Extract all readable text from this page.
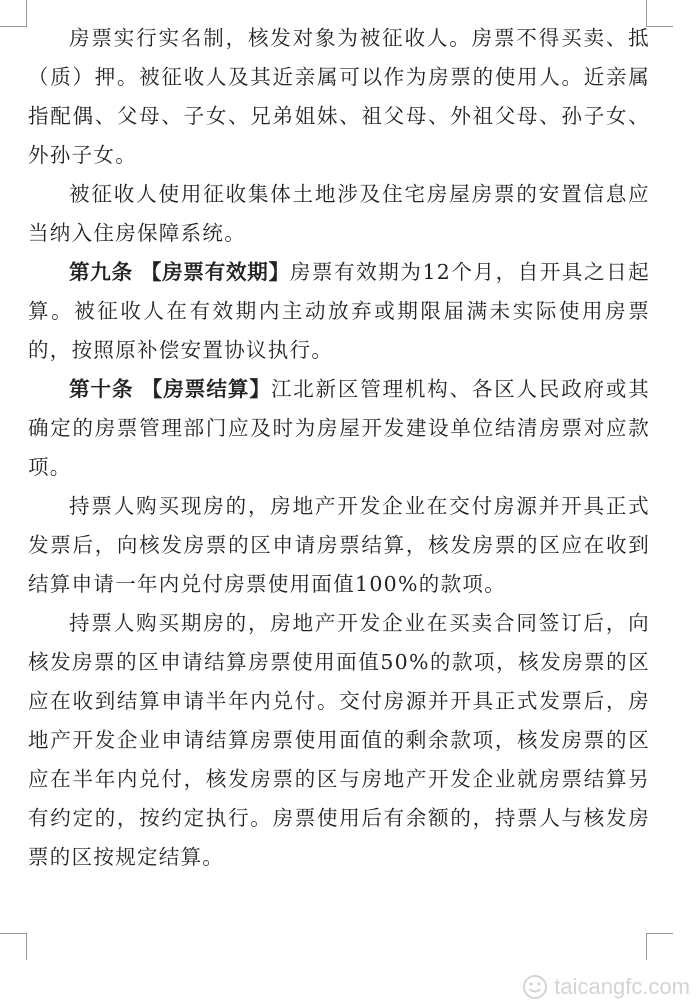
房票实行实名制，核发对象为被征收人。房票不得买卖、抵（质）押。被征收人及其近亲属可以作为房票的使用人。近亲属指配偶、父母、子女、兄弟姐妹、祖父母、外祖父母、孙子女、外孙子女。

被征收人使用征收集体土地涉及住宅房屋房票的安置信息应当纳入住房保障系统。

第九条 【房票有效期】房票有效期为12个月，自开具之日起算。被征收人在有效期内主动放弃或期限届满未实际使用房票的，按照原补偿安置协议执行。

第十条 【房票结算】江北新区管理机构、各区人民政府或其确定的房票管理部门应及时为房屋开发建设单位结清房票对应款项。

持票人购买现房的，房地产开发企业在交付房源并开具正式发票后，向核发房票的区申请房票结算，核发房票的区应在收到结算申请一年内兑付房票使用面值100%的款项。

持票人购买期房的，房地产开发企业在买卖合同签订后，向核发房票的区申请结算房票使用面值50%的款项，核发房票的区应在收到结算申请半年内兑付。交付房源并开具正式发票后，房地产开发企业申请结算房票使用面值的剩余款项，核发房票的区应在半年内兑付，核发房票的区与房地产开发企业就房票结算另有约定的，按约定执行。房票使用后有余额的，持票人与核发房票的区按规定结算。

taicangfc.com
